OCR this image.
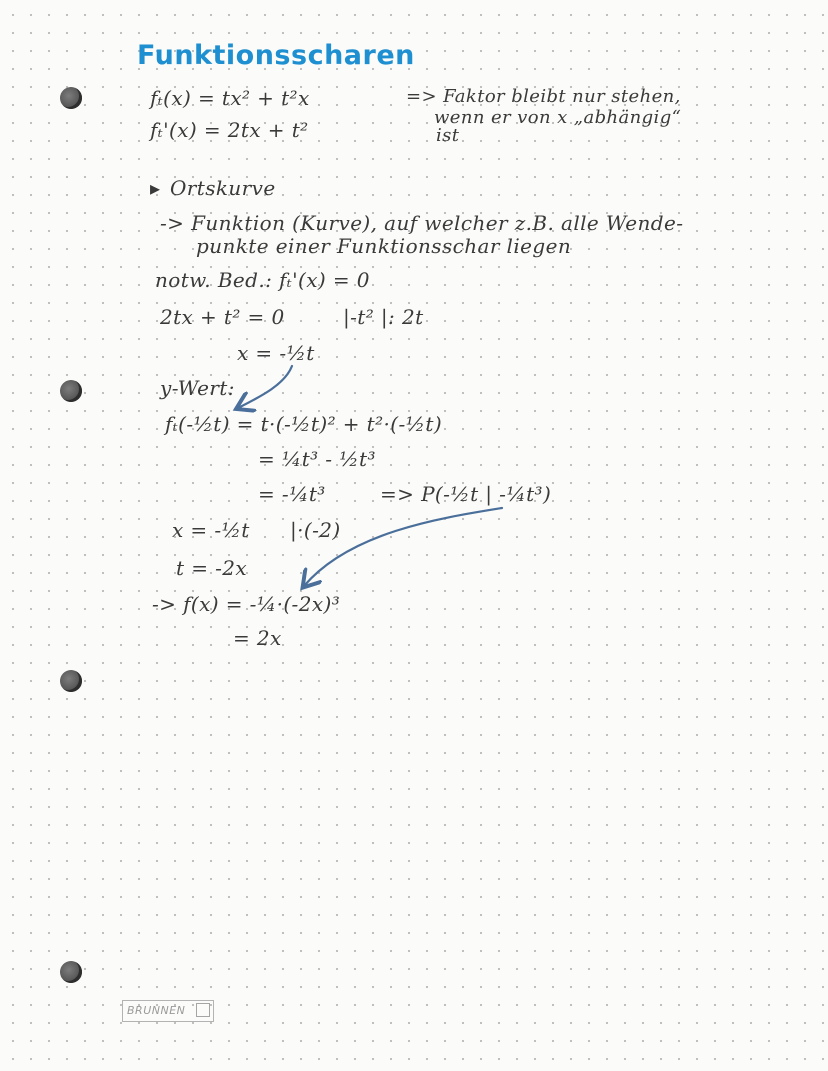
Funktionsscharen
fₜ(x) = tx² + t²x
fₜ'(x) = 2tx + t²
=> Faktor bleibt nur stehen,
wenn er von x „abhängig“
ist
▸ Ortskurve
-> Funktion (Kurve), auf welcher z.B. alle Wende-
punkte einer Funktionsschar liegen
notw. Bed.: fₜ'(x) = 0
2tx + t² = 0	|-t² |: 2t
x = -½t
y-Wert:
fₜ(-½t) = t·(-½t)² + t²·(-½t)
= ¼t³ - ½t³
= -¼t³	=> P(-½t | -¼t³)
x = -½t |·(-2)
t = -2x
-> f(x) = -¼·(-2x)³
= 2x
BRUNNEN
